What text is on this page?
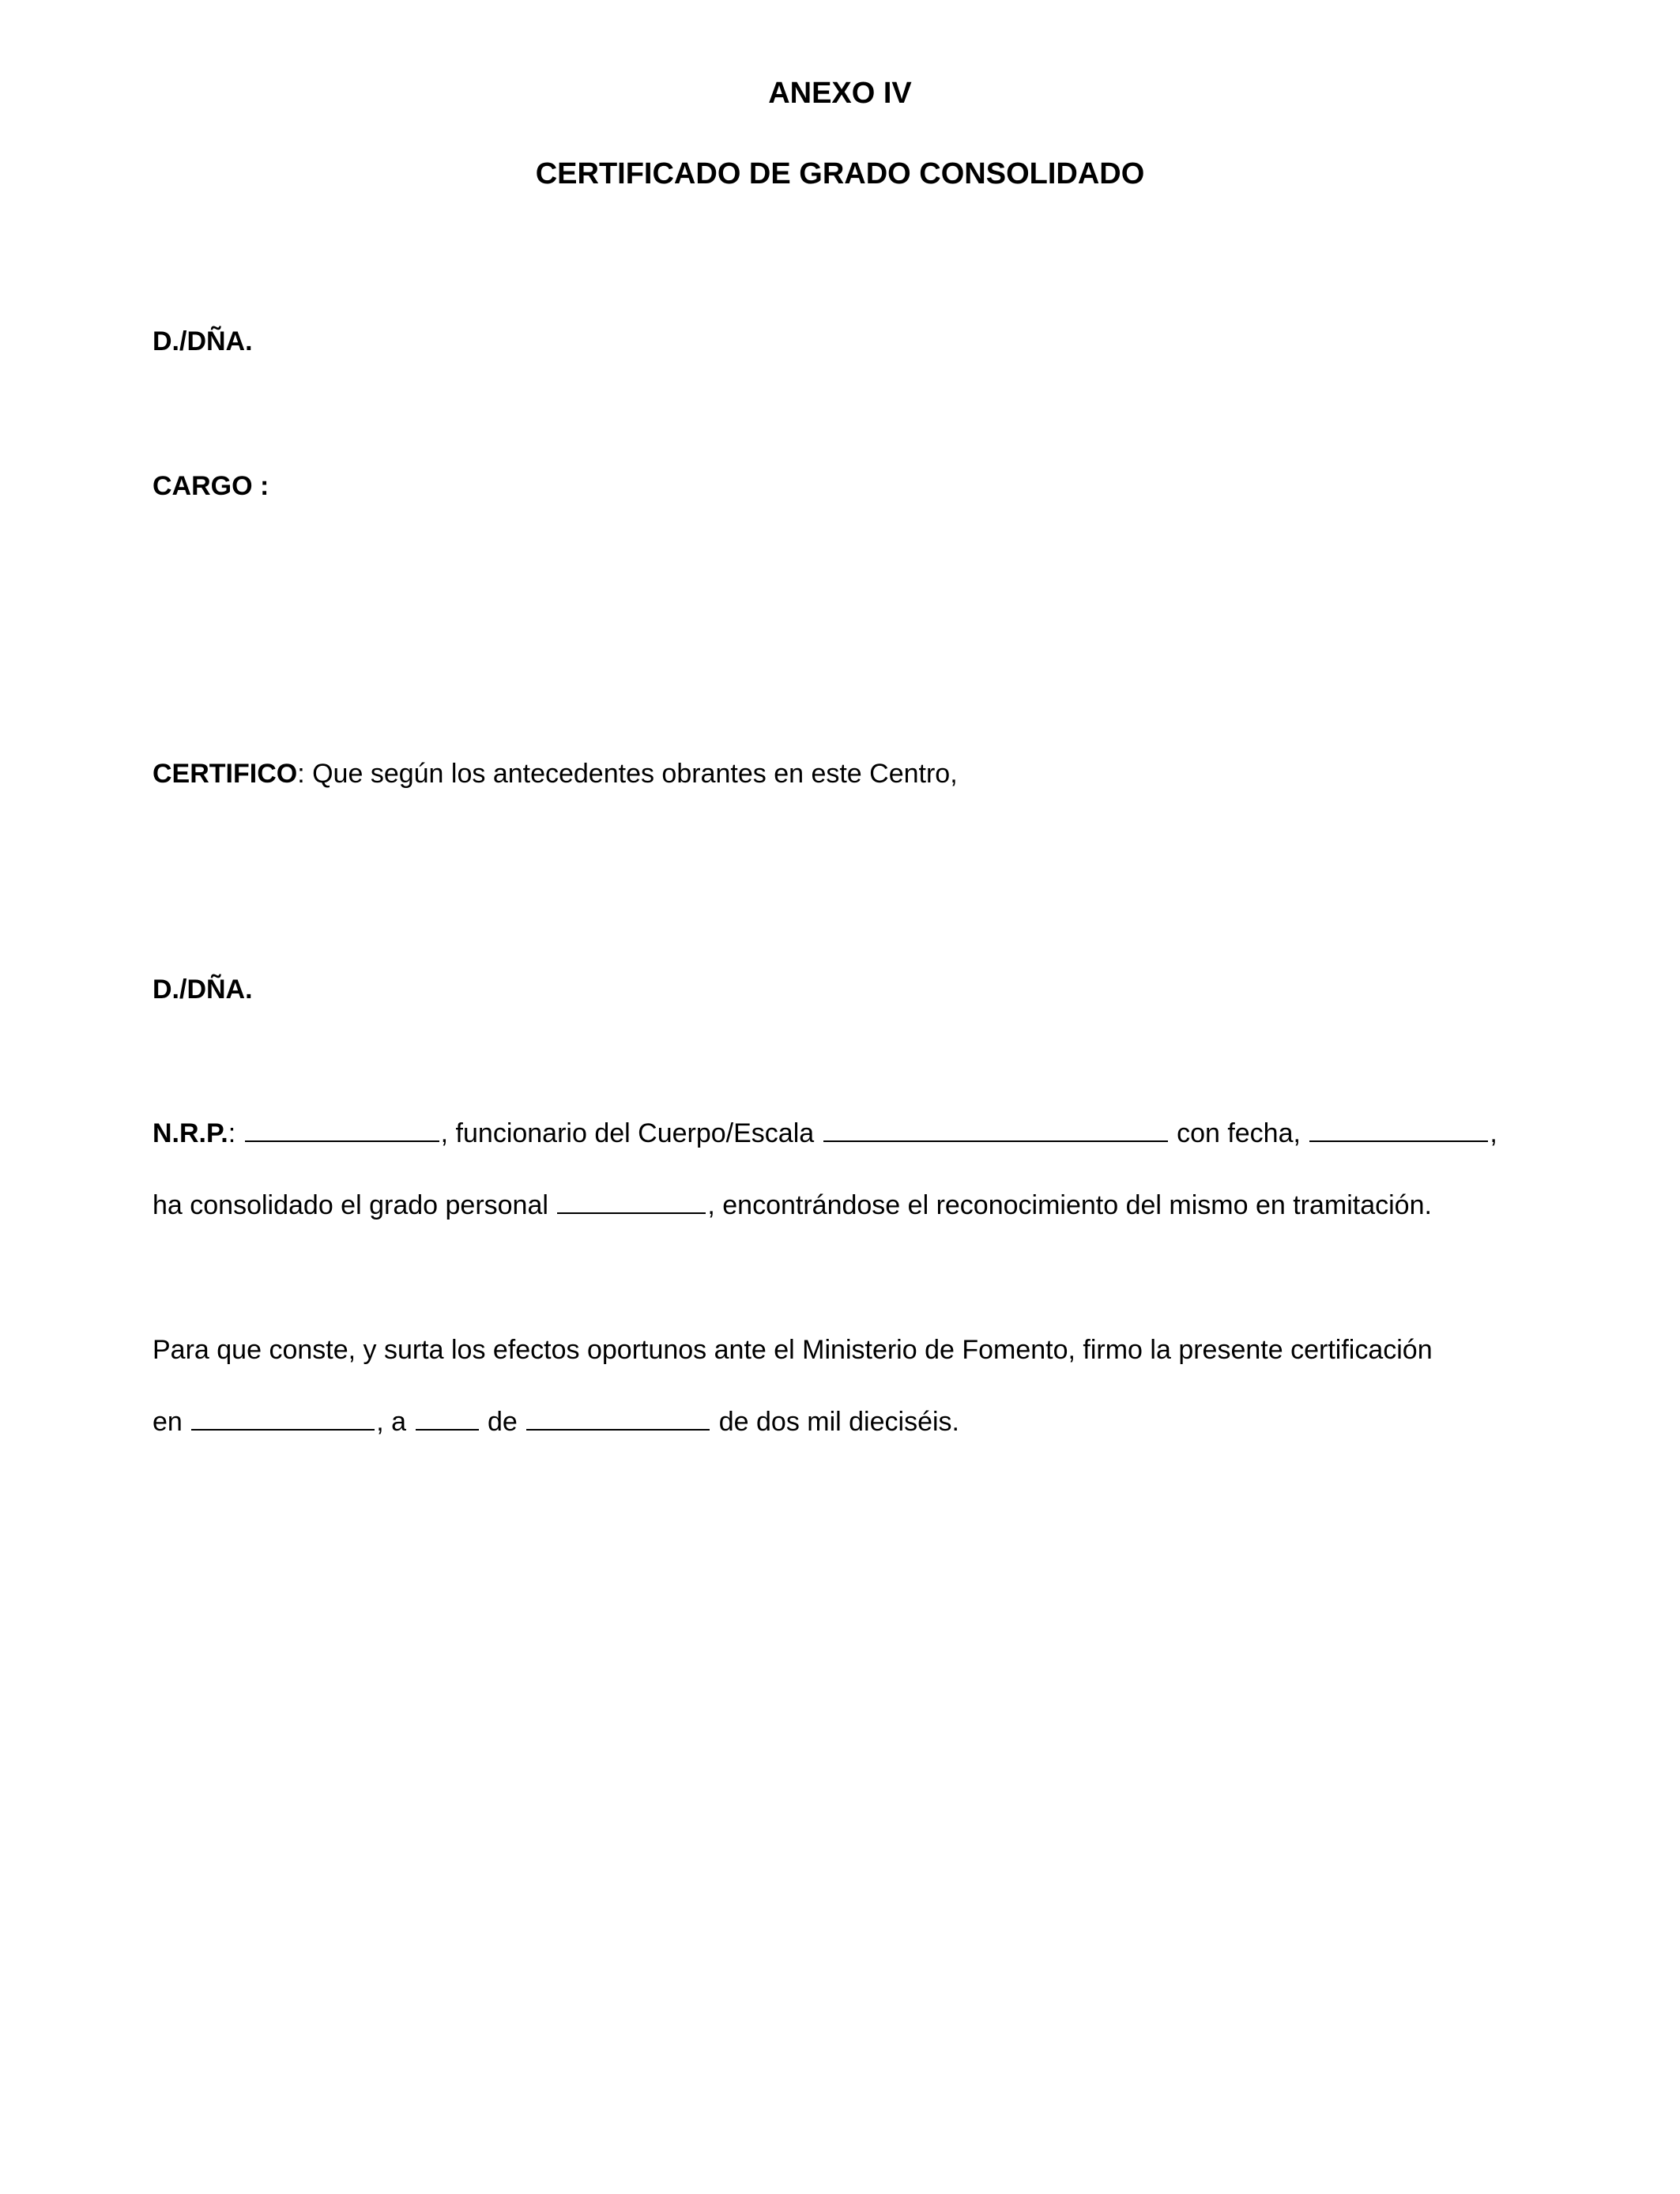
ANEXO IV
CERTIFICADO DE GRADO CONSOLIDADO
D./DÑA.
CARGO :
CERTIFICO: Que según los antecedentes obrantes en este Centro,
D./DÑA.
N.R.P.:	, funcionario del Cuerpo/Escala	con fecha,	,
ha consolidado el grado personal	, encontrándose el reconocimiento del mismo en tramitación.
Para que conste, y surta los efectos oportunos ante el Ministerio de Fomento, firmo la presente certificación
en	, a	de	de dos mil dieciséis.
